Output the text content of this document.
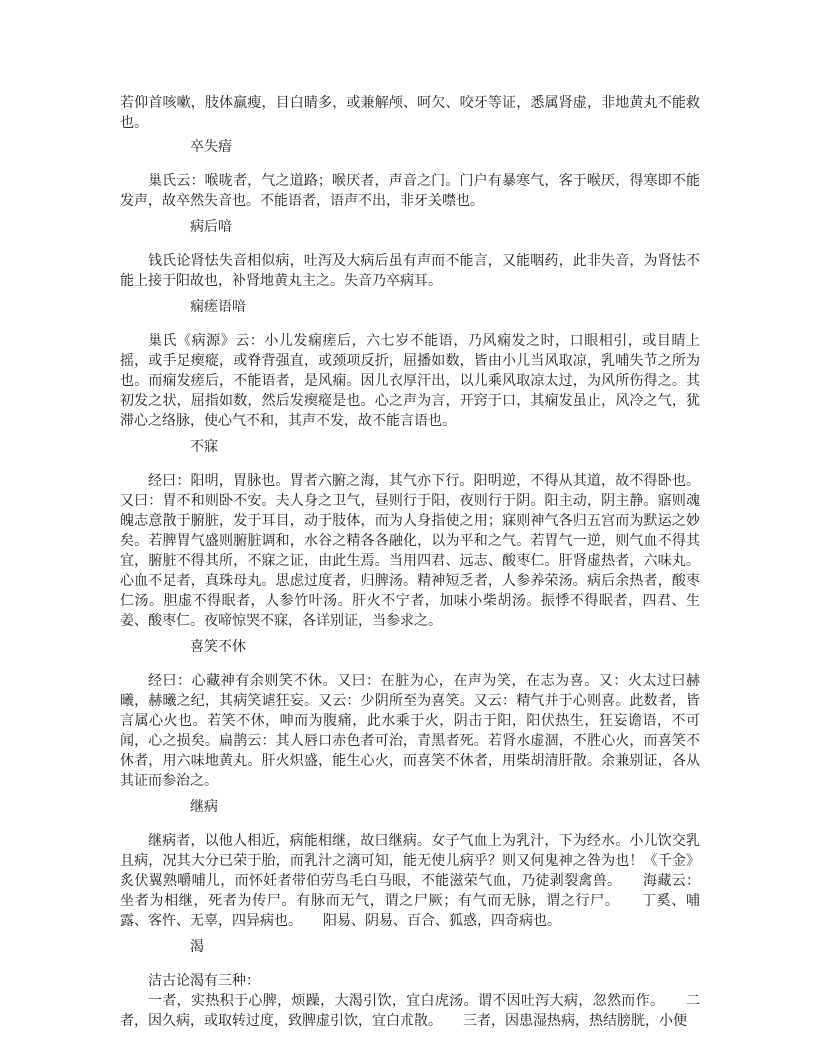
若仰首咳嗽，肢体羸瘦，目白睛多，或兼解颅、呵欠、咬牙等证，悉属肾虚，非地黄丸不能救也。

卒失瘖

巢氏云：喉咙者，气之道路；喉厌者，声音之门。门户有暴寒气，客于喉厌，得寒即不能发声，故卒然失音也。不能语者，语声不出，非牙关噤也。

病后喑

钱氏论肾怯失音相似病，吐泻及大病后虽有声而不能言，又能咽药，此非失音，为肾怯不能上接于阳故也，补肾地黄丸主之。失音乃卒病耳。

痫瘥语喑

巢氏《病源》云：小儿发痫瘥后，六七岁不能语，乃风痫发之时，口眼相引，或目睛上摇，或手足瘈瘲，或脊背强直，或颈项反折，屈播如数，皆由小儿当风取凉，乳哺失节之所为也。而痫发瘥后，不能语者，是风痫。因儿衣厚汗出，以儿乘风取凉太过，为风所伤得之。其初发之状，屈指如数，然后发瘈瘲是也。心之声为言，开窍于口，其痫发虽止，风冷之气，犹滞心之络脉，使心气不和，其声不发，故不能言语也。

不寐

经曰：阳明，胃脉也。胃者六腑之海，其气亦下行。阳明逆，不得从其道，故不得卧也。又曰：胃不和则卧不安。夫人身之卫气，昼则行于阳，夜则行于阴。阳主动，阴主静。寤则魂魄志意散于腑脏，发于耳目，动于肢体，而为人身指使之用；寐则神气各归五宫而为默运之妙矣。若脾胃气盛则腑脏调和，水谷之精各各融化，以为平和之气。若胃气一逆，则气血不得其宜，腑脏不得其所，不寐之证，由此生焉。当用四君、远志、酸枣仁。肝肾虚热者，六味丸。心血不足者，真珠母丸。思虑过度者，归脾汤。精神短乏者，人参养荣汤。病后余热者，酸枣仁汤。胆虚不得眠者，人参竹叶汤。肝火不宁者，加味小柴胡汤。振悸不得眠者，四君、生姜、酸枣仁。夜啼惊哭不寐，各详别证，当参求之。

喜笑不休

经曰：心藏神有余则笑不休。又曰：在脏为心，在声为笑，在志为喜。又：火太过曰赫曦，赫曦之纪，其病笑谑狂妄。又云：少阴所至为喜笑。又云：精气并于心则喜。此数者，皆言属心火也。若笑不休，呻而为腹痛，此水乘于火，阴击于阳，阳伏热生，狂妄谵语，不可闻，心之损矣。扁鹊云：其人唇口赤色者可治，青黑者死。若肾水虚涸，不胜心火，而喜笑不休者，用六味地黄丸。肝火炽盛，能生心火，而喜笑不休者，用柴胡清肝散。余兼别证，各从其证而参治之。

继病

继病者，以他人相近，病能相继，故曰继病。女子气血上为乳汁，下为经水。小儿饮交乳且病，况其大分已荣于胎，而乳汁之漓可知，能无使儿病乎？则又何鬼神之咎为也！《千金》炙伏翼熟嚼哺儿，而怀妊者带伯劳鸟毛白马眼，不能滋荣气血，乃徒剥裂禽兽。　　海藏云：坐者为相继，死者为传尸。有脉而无气，谓之尸厥；有气而无脉，谓之行尸。　　丁奚、哺露、客忤、无辜，四异病也。　　阳易、阴易、百合、狐惑，四奇病也。

渴

洁古论渴有三种：

一者，实热积于心脾，烦躁，大渴引饮，宜白虎汤。谓不因吐泻大病，忽然而作。　　二者，因久病，或取转过度，致脾虚引饮，宜白朮散。　　三者，因患湿热病，热结膀胱，小便
